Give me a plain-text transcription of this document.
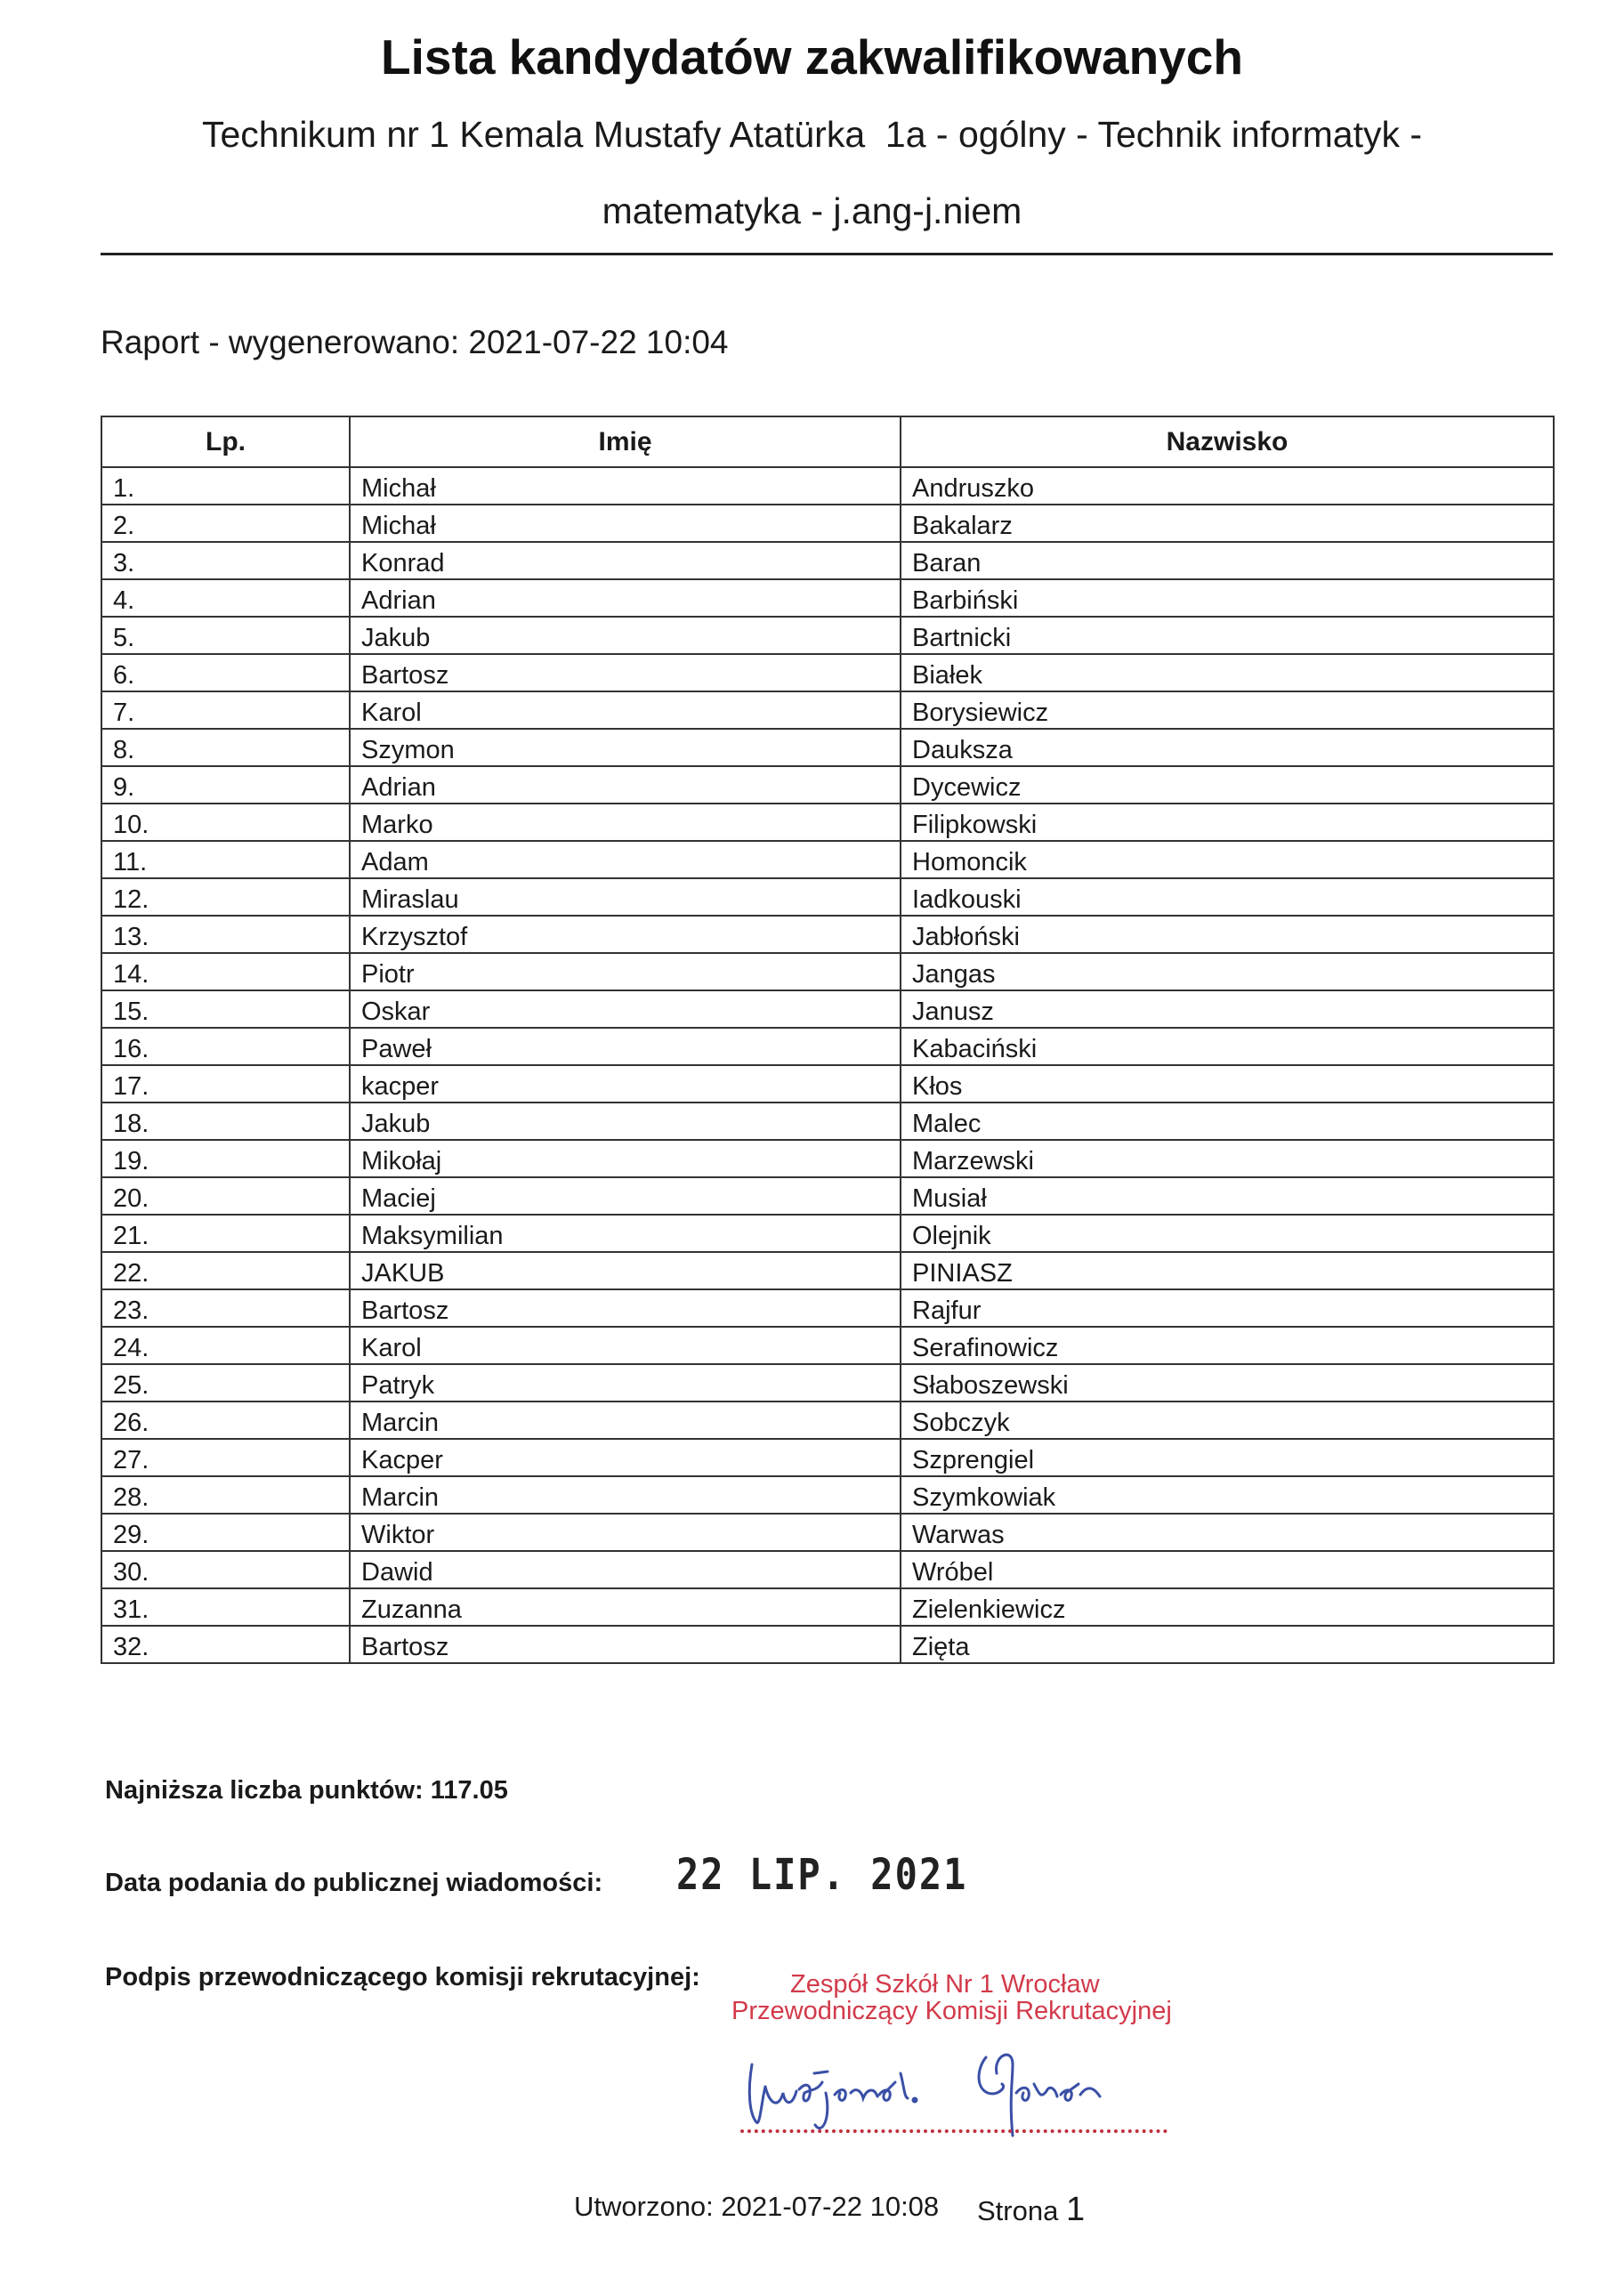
Lista kandydatów zakwalifikowanych
Technikum nr 1 Kemala Mustafy Atatürka  1a - ogólny - Technik informatyk -
matematyka - j.ang-j.niem
Raport - wygenerowano: 2021-07-22 10:04
Lp.	Imię	Nazwisko
1.	Michał	Andruszko
2.	Michał	Bakalarz
3.	Konrad	Baran
4.	Adrian	Barbiński
5.	Jakub	Bartnicki
6.	Bartosz	Białek
7.	Karol	Borysiewicz
8.	Szymon	Dauksza
9.	Adrian	Dycewicz
10.	Marko	Filipkowski
11.	Adam	Homoncik
12.	Miraslau	Iadkouski
13.	Krzysztof	Jabłoński
14.	Piotr	Jangas
15.	Oskar	Janusz
16.	Paweł	Kabaciński
17.	kacper	Kłos
18.	Jakub	Malec
19.	Mikołaj	Marzewski
20.	Maciej	Musiał
21.	Maksymilian	Olejnik
22.	JAKUB	PINIASZ
23.	Bartosz	Rajfur
24.	Karol	Serafinowicz
25.	Patryk	Słaboszewski
26.	Marcin	Sobczyk
27.	Kacper	Szprengiel
28.	Marcin	Szymkowiak
29.	Wiktor	Warwas
30.	Dawid	Wróbel
31.	Zuzanna	Zielenkiewicz
32.	Bartosz	Zięta
Najniższa liczba punktów: 117.05
Data podania do publicznej wiadomości: 22 LIP. 2021
Podpis przewodniczącego komisji rekrutacyjnej:	Zespół Szkół Nr 1 Wrocław
Przewodniczący Komisji Rekrutacyjnej
Utworzono: 2021-07-22 10:08 Strona 1
